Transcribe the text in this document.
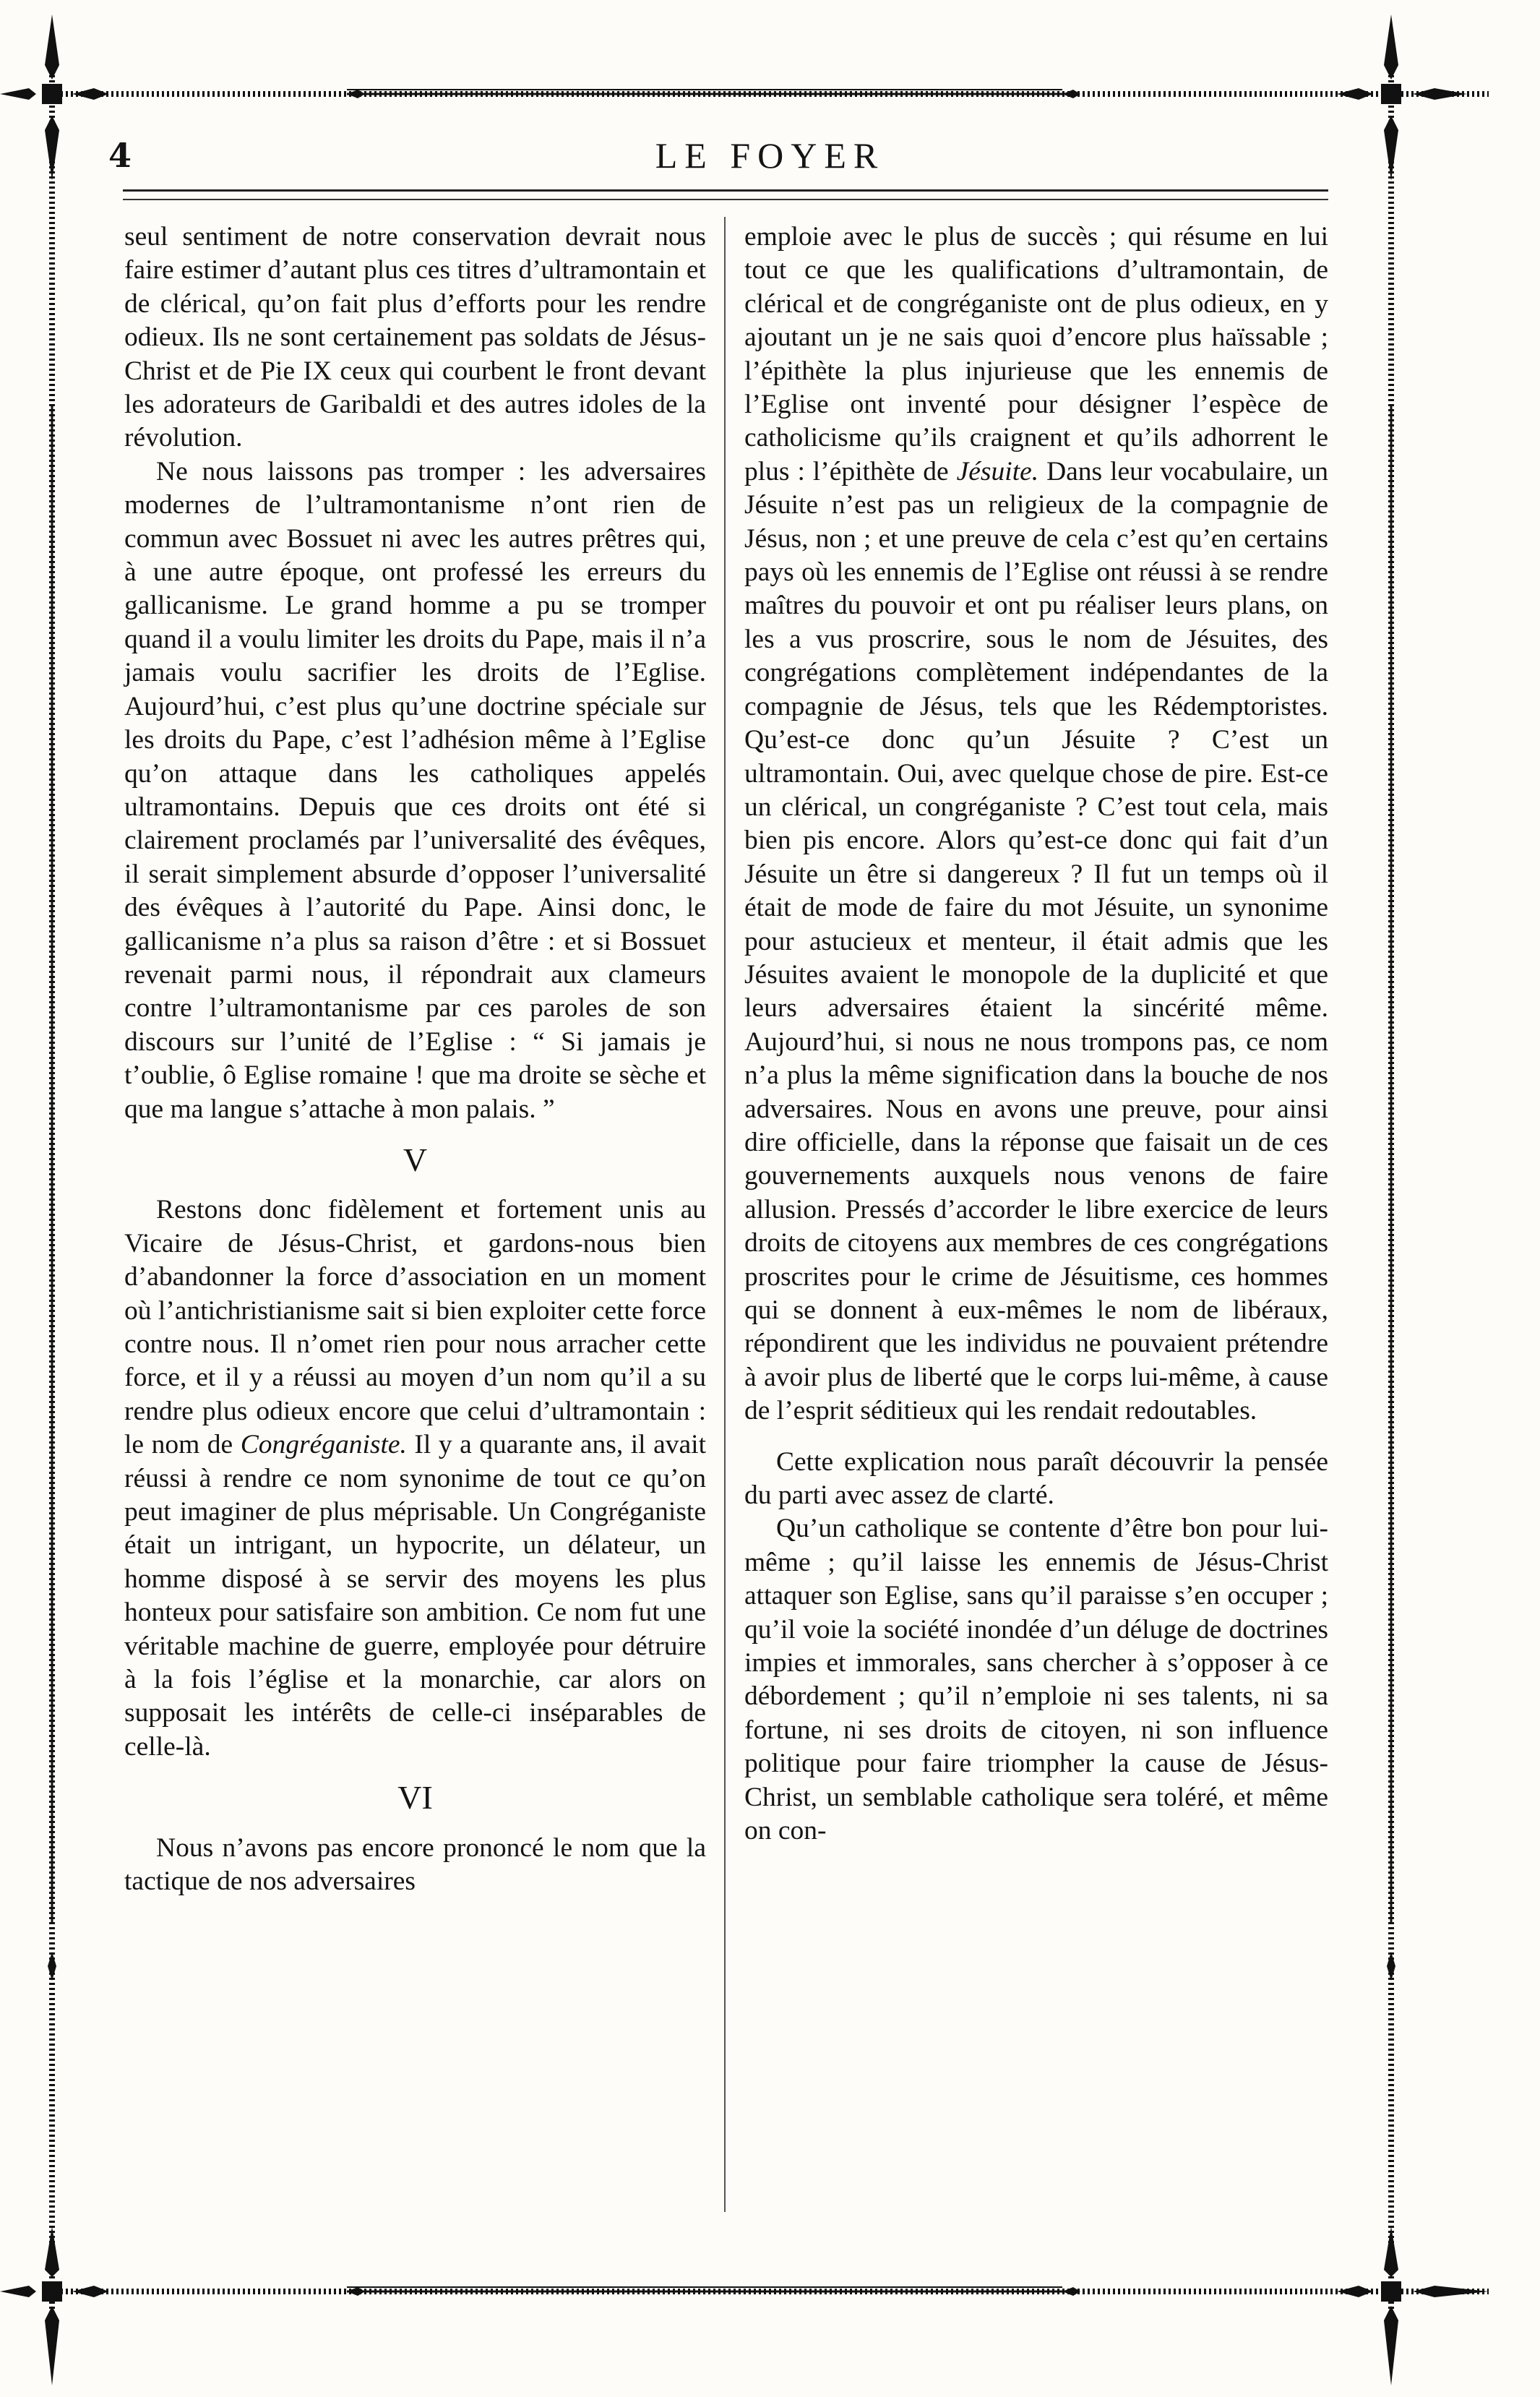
4	LE FOYER

seul sentiment de notre conservation devrait nous faire estimer d’autant plus ces titres d’ultramontain et de clérical, qu’on fait plus d’efforts pour les rendre odieux. Ils ne sont certainement pas soldats de Jésus-Christ et de Pie IX ceux qui courbent le front devant les adorateurs de Garibaldi et des autres idoles de la révolution.

Ne nous laissons pas tromper : les adversaires modernes de l’ultramontanisme n’ont rien de commun avec Bossuet ni avec les autres prêtres qui, à une autre époque, ont professé les erreurs du gallicanisme. Le grand homme a pu se tromper quand il a voulu limiter les droits du Pape, mais il n’a jamais voulu sacrifier les droits de l’Eglise. Aujourd’hui, c’est plus qu’une doctrine spéciale sur les droits du Pape, c’est l’adhésion même à l’Eglise qu’on attaque dans les catholiques appelés ultramontains. Depuis que ces droits ont été si clairement proclamés par l’universalité des évêques, il serait simplement absurde d’opposer l’universalité des évêques à l’autorité du Pape. Ainsi donc, le gallicanisme n’a plus sa raison d’être : et si Bossuet revenait parmi nous, il répondrait aux clameurs contre l’ultramontanisme par ces paroles de son discours sur l’unité de l’Eglise : “ Si jamais je t’oublie, ô Eglise romaine ! que ma droite se sèche et que ma langue s’attache à mon palais. ”

V

Restons donc fidèlement et fortement unis au Vicaire de Jésus-Christ, et gardons-nous bien d’abandonner la force d’association en un moment où l’antichristianisme sait si bien exploiter cette force contre nous. Il n’omet rien pour nous arracher cette force, et il y a réussi au moyen d’un nom qu’il a su rendre plus odieux encore que celui d’ultramontain : le nom de Congréganiste. Il y a quarante ans, il avait réussi à rendre ce nom synonime de tout ce qu’on peut imaginer de plus méprisable. Un Congréganiste était un intrigant, un hypocrite, un délateur, un homme disposé à se servir des moyens les plus honteux pour satisfaire son ambition. Ce nom fut une véritable machine de guerre, employée pour détruire à la fois l’église et la monarchie, car alors on supposait les intérêts de celle-ci inséparables de celle-là.

VI

Nous n’avons pas encore prononcé le nom que la tactique de nos adversaires

emploie avec le plus de succès ; qui résume en lui tout ce que les qualifications d’ultramontain, de clérical et de congréganiste ont de plus odieux, en y ajoutant un je ne sais quoi d’encore plus haïssable ; l’épithète la plus injurieuse que les ennemis de l’Eglise ont inventé pour désigner l’espèce de catholicisme qu’ils craignent et qu’ils adhorrent le plus : l’épithète de Jésuite. Dans leur vocabulaire, un Jésuite n’est pas un religieux de la compagnie de Jésus, non ; et une preuve de cela c’est qu’en certains pays où les ennemis de l’Eglise ont réussi à se rendre maîtres du pouvoir et ont pu réaliser leurs plans, on les a vus proscrire, sous le nom de Jésuites, des congrégations complètement indépendantes de la compagnie de Jésus, tels que les Rédemptoristes. Qu’est-ce donc qu’un Jésuite ? C’est un ultramontain. Oui, avec quelque chose de pire. Est-ce un clérical, un congréganiste ? C’est tout cela, mais bien pis encore. Alors qu’est-ce donc qui fait d’un Jésuite un être si dangereux ? Il fut un temps où il était de mode de faire du mot Jésuite, un synonime pour astucieux et menteur, il était admis que les Jésuites avaient le monopole de la duplicité et que leurs adversaires étaient la sincérité même. Aujourd’hui, si nous ne nous trompons pas, ce nom n’a plus la même signification dans la bouche de nos adversaires. Nous en avons une preuve, pour ainsi dire officielle, dans la réponse que faisait un de ces gouvernements auxquels nous venons de faire allusion. Pressés d’accorder le libre exercice de leurs droits de citoyens aux membres de ces congrégations proscrites pour le crime de Jésuitisme, ces hommes qui se donnent à eux-mêmes le nom de libéraux, répondirent que les individus ne pouvaient prétendre à avoir plus de liberté que le corps lui-même, à cause de l’esprit séditieux qui les rendait redoutables.

Cette explication nous paraît découvrir la pensée du parti avec assez de clarté.

Qu’un catholique se contente d’être bon pour lui-même ; qu’il laisse les ennemis de Jésus-Christ attaquer son Eglise, sans qu’il paraisse s’en occuper ; qu’il voie la société inondée d’un déluge de doctrines impies et immorales, sans chercher à s’opposer à ce débordement ; qu’il n’emploie ni ses talents, ni sa fortune, ni ses droits de citoyen, ni son influence politique pour faire triompher la cause de Jésus-Christ, un semblable catholique sera toléré, et même on con-
